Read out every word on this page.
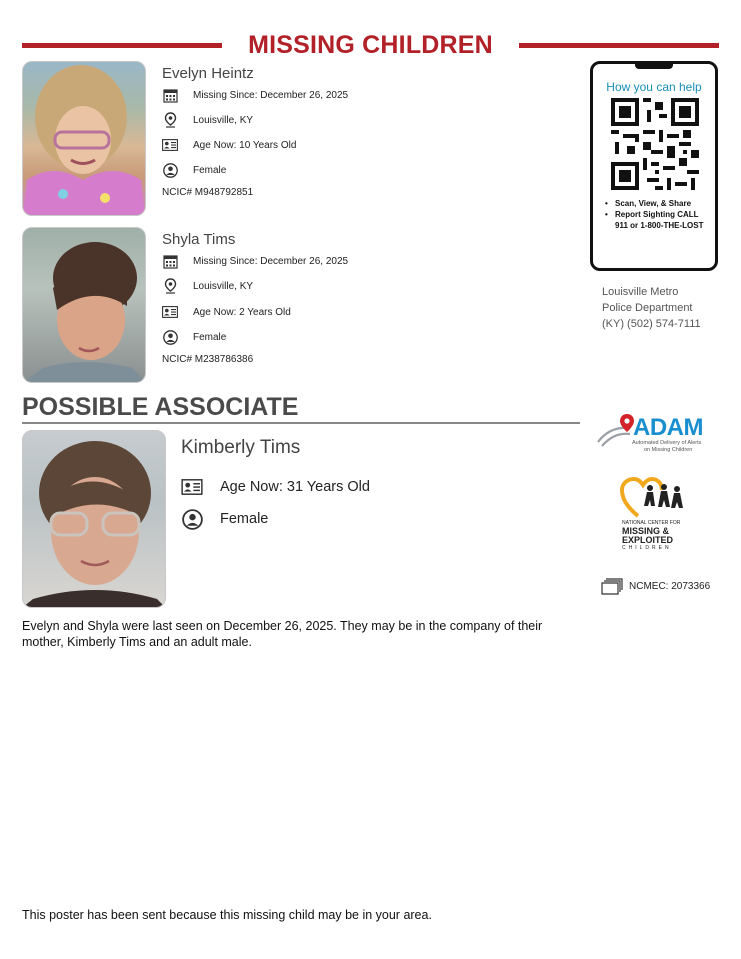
MISSING CHILDREN
Evelyn Heintz
Missing Since: December 26, 2025
Louisville, KY
Age Now: 10 Years Old
Female
NCIC# M948792851
Shyla Tims
Missing Since: December 26, 2025
Louisville, KY
Age Now: 2 Years Old
Female
NCIC# M238786386
POSSIBLE ASSOCIATE
Kimberly Tims
Age Now: 31 Years Old
Female
How you can help
• Scan, View, & Share
• Report Sighting CALL 911 or 1-800-THE-LOST
Louisville Metro
Police Department
(KY) (502) 574-7111
ADAM
Automated Delivery of Alerts
on Missing Children
NATIONAL CENTER FOR
MISSING &
EXPLOITED
CHILDREN
NCMEC: 2073366
Evelyn and Shyla were last seen on December 26, 2025. They may be in the company of their mother, Kimberly Tims and an adult male.
This poster has been sent because this missing child may be in your area.
